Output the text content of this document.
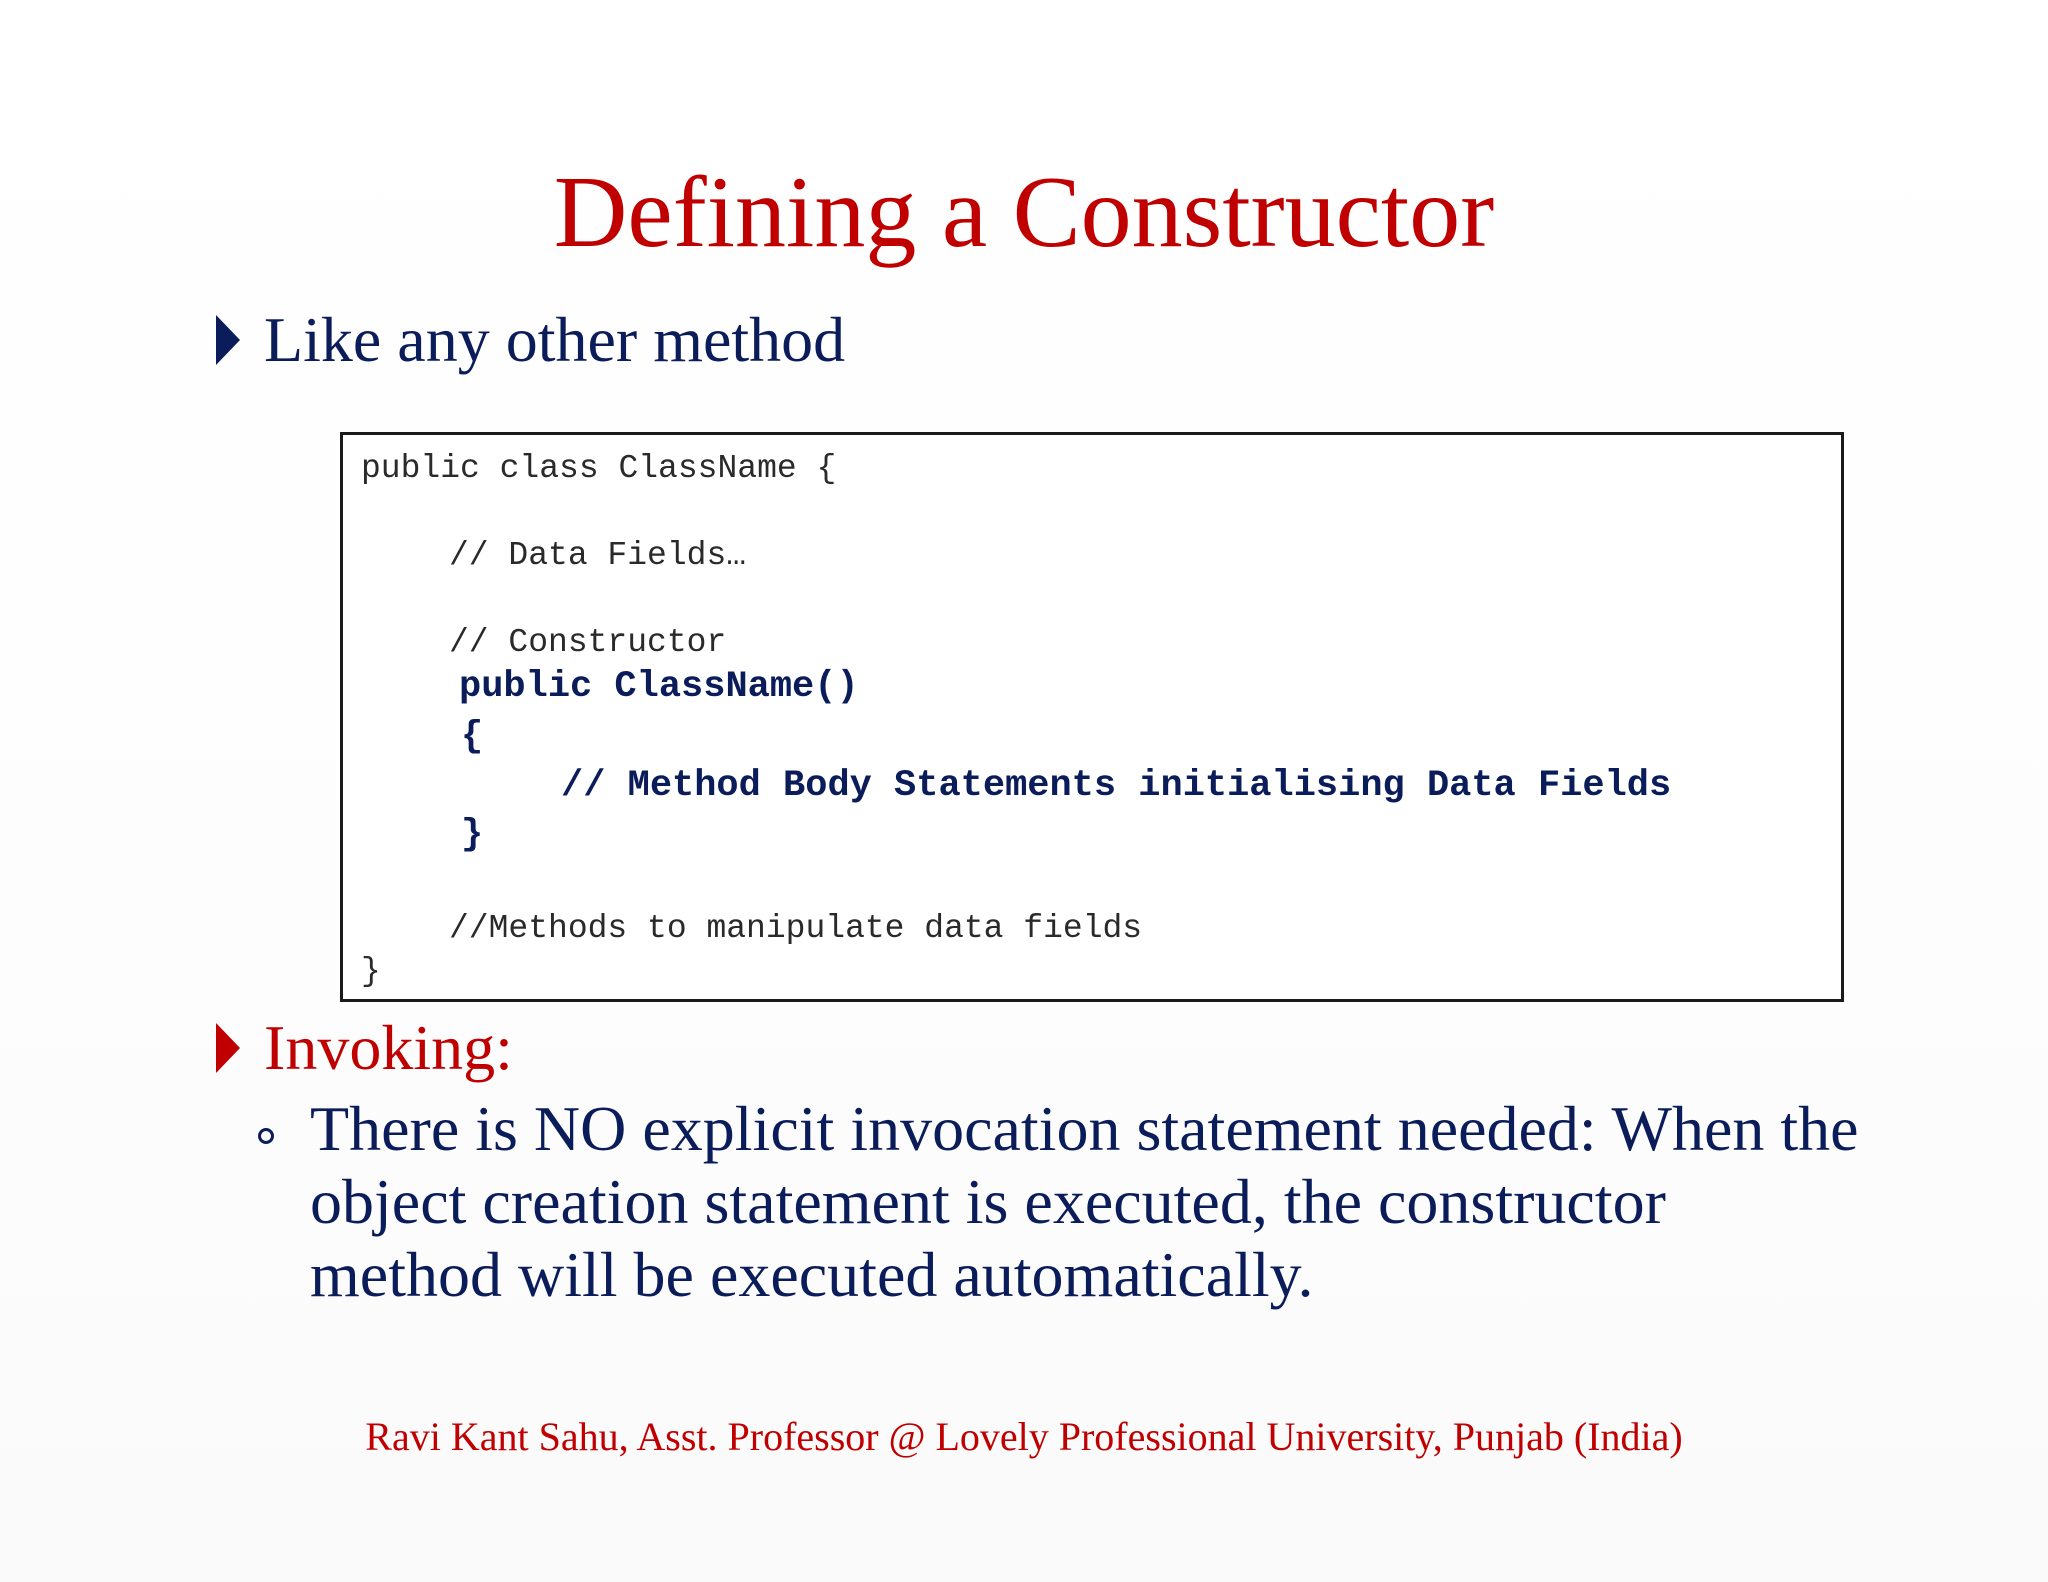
Defining a Constructor
Like any other method
public class ClassName {
// Data Fields…
// Constructor
public ClassName()
{
// Method Body Statements initialising Data Fields
}
//Methods to manipulate data fields
}
Invoking:
There is NO explicit invocation statement needed: When the object creation statement is executed, the constructor method will be executed automatically.
Ravi Kant Sahu, Asst. Professor @ Lovely Professional University, Punjab (India)
